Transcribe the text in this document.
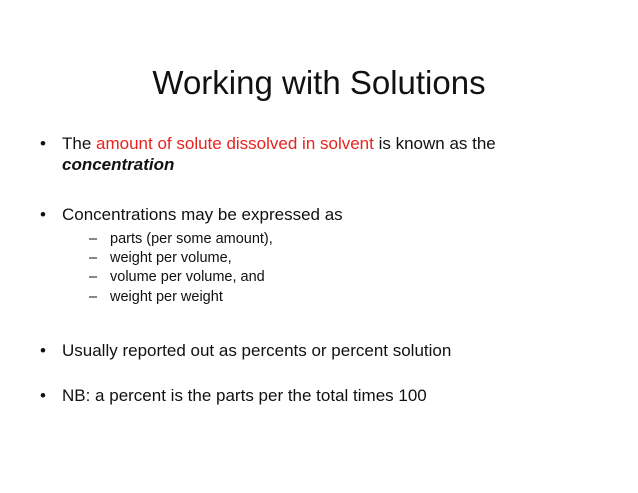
Working with Solutions
• The amount of solute dissolved in solvent is known as the
concentration
• Concentrations may be expressed as
– parts (per some amount),
– weight per volume,
– volume per volume, and
– weight per weight
• Usually reported out as percents or percent solution
• NB: a percent is the parts per the total times 100
